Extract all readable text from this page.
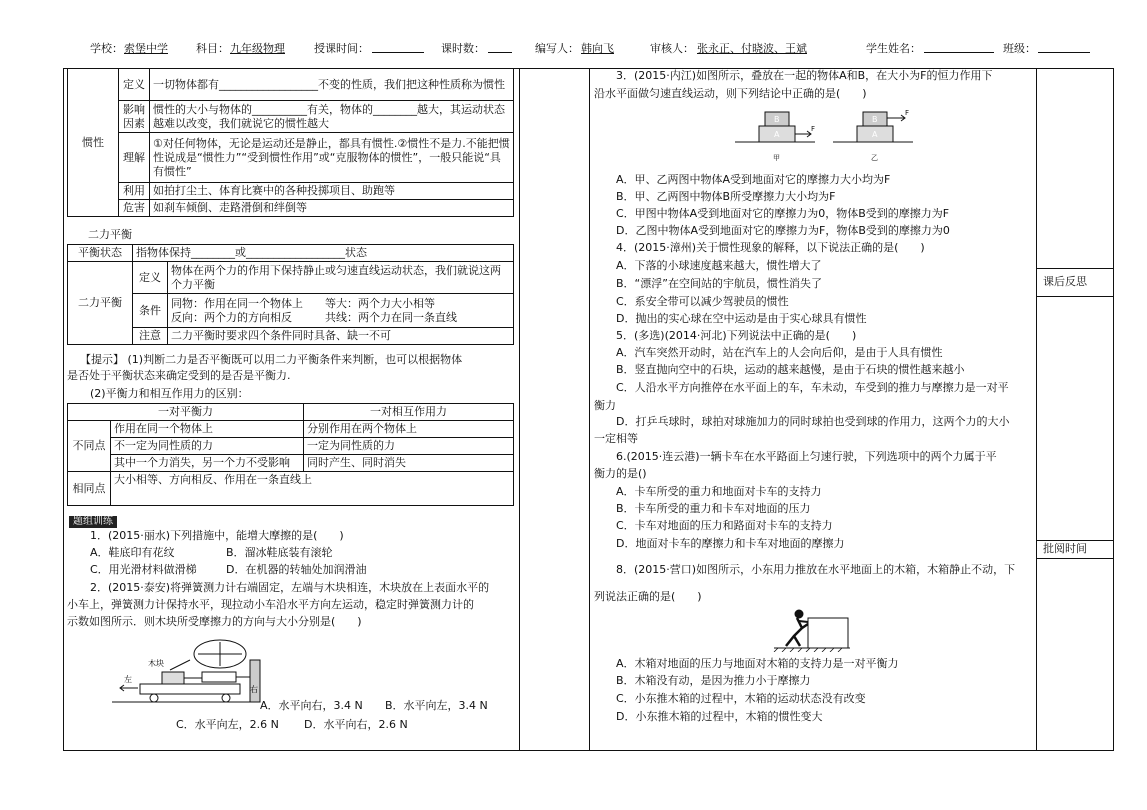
学校： 索堡中学	科目： 九年级物理	授课时间：	课时数：	编写人： 韩向飞	审核人： 张永正、付晓波、王斌	学生姓名：	班级：
课后反思
批阅时间
惯性	定义	一切物体都有__________________不变的性质，我们把这种性质称为惯性
	影响因素	惯性的大小与物体的__________有关，物体的________越大，其运动状态越难以改变，我们就说它的惯性越大
	理解	①对任何物体，无论是运动还是静止，都具有惯性.②惯性不是力.不能把惯性说成是“惯性力”“受到惯性作用”或“克服物体的惯性”，一般只能说“具有惯性”
	利用	如拍打尘土、体育比赛中的各种投掷项目、助跑等
	危害	如刹车倾倒、走路滑倒和绊倒等
二力平衡
平衡状态	指物体保持________或__________________状态	
二力平衡	定义	物体在两个力的作用下保持静止或匀速直线运动状态，我们就说这两个力平衡
	条件	同物：作用在同一个物体上　　等大：两个力大小相等
反向：两个力的方向相反　　　共线：两个力在同一条直线

	注意	二力平衡时要求四个条件同时具备、缺一不可
【提示】 (1)判断二力是否平衡既可以用二力平衡条件来判断，也可以根据物体
是否处于平衡状态来确定受到的是否是平衡力.
(2)平衡力和相互作用力的区别：
一对平衡力		一对相互作用力
不同点	作用在同一个物体上	分别作用在两个物体上
	不一定为同性质的力	一定为同性质的力
	其中一个力消失，另一个力不受影响	同时产生、同时消失
相同点	大小相等、方向相反、作用在一条直线上	
题组训练
1．(2015·丽水)下列措施中，能增大摩擦的是(　　)
A．鞋底印有花纹	B．溜冰鞋底装有滚轮
C．用光滑材料做滑梯	D．在机器的转轴处加润滑油
2．(2015·泰安)将弹簧测力计右端固定，左端与木块相连，木块放在上表面水平的
小车上，弹簧测力计保持水平，现拉动小车沿水平方向左运动，稳定时弹簧测力计的
示数如图所示．则木块所受摩擦力的方向与大小分别是(　　)
木块
左
右
A．水平向右，3.4 N B．水平向左，3.4 N
C．水平向左，2.6 N D．水平向右，2.6 N
3．(2015·内江)如图所示，叠放在一起的物体A和B，在大小为F的恒力作用下
沿水平面做匀速直线运动，则下列结论中正确的是(　　)
B
A
B
A
F
F
甲	乙
A．甲、乙两图中物体A受到地面对它的摩擦力大小均为F
B．甲、乙两图中物体B所受摩擦力大小均为F
C．甲图中物体A受到地面对它的摩擦力为0，物体B受到的摩擦力为F
D．乙图中物体A受到地面对它的摩擦力为F，物体B受到的摩擦力为0
4．(2015·漳州)关于惯性现象的解释，以下说法正确的是(　　)
A．下落的小球速度越来越大，惯性增大了
B．“漂浮”在空间站的宇航员，惯性消失了
C．系安全带可以减少驾驶员的惯性
D．抛出的实心球在空中运动是由于实心球具有惯性
5．(多选)(2014·河北)下列说法中正确的是(　　)
A．汽车突然开动时，站在汽车上的人会向后仰，是由于人具有惯性
B．竖直抛向空中的石块，运动的越来越慢，是由于石块的惯性越来越小
C．人沿水平方向推停在水平面上的车，车未动，车受到的推力与摩擦力是一对平
衡力
D．打乒乓球时，球拍对球施加力的同时球拍也受到球的作用力，这两个力的大小
一定相等
6.(2015·连云港)一辆卡车在水平路面上匀速行驶，下列选项中的两个力属于平
衡力的是()
A．卡车所受的重力和地面对卡车的支持力
B．卡车所受的重力和卡车对地面的压力
C．卡车对地面的压力和路面对卡车的支持力
D．地面对卡车的摩擦力和卡车对地面的摩擦力
8．(2015·营口)如图所示，小东用力推放在水平地面上的木箱，木箱静止不动，下
列说法正确的是(　　)
A．木箱对地面的压力与地面对木箱的支持力是一对平衡力
B．木箱没有动，是因为推力小于摩擦力
C．小东推木箱的过程中，木箱的运动状态没有改变
D．小东推木箱的过程中，木箱的惯性变大
